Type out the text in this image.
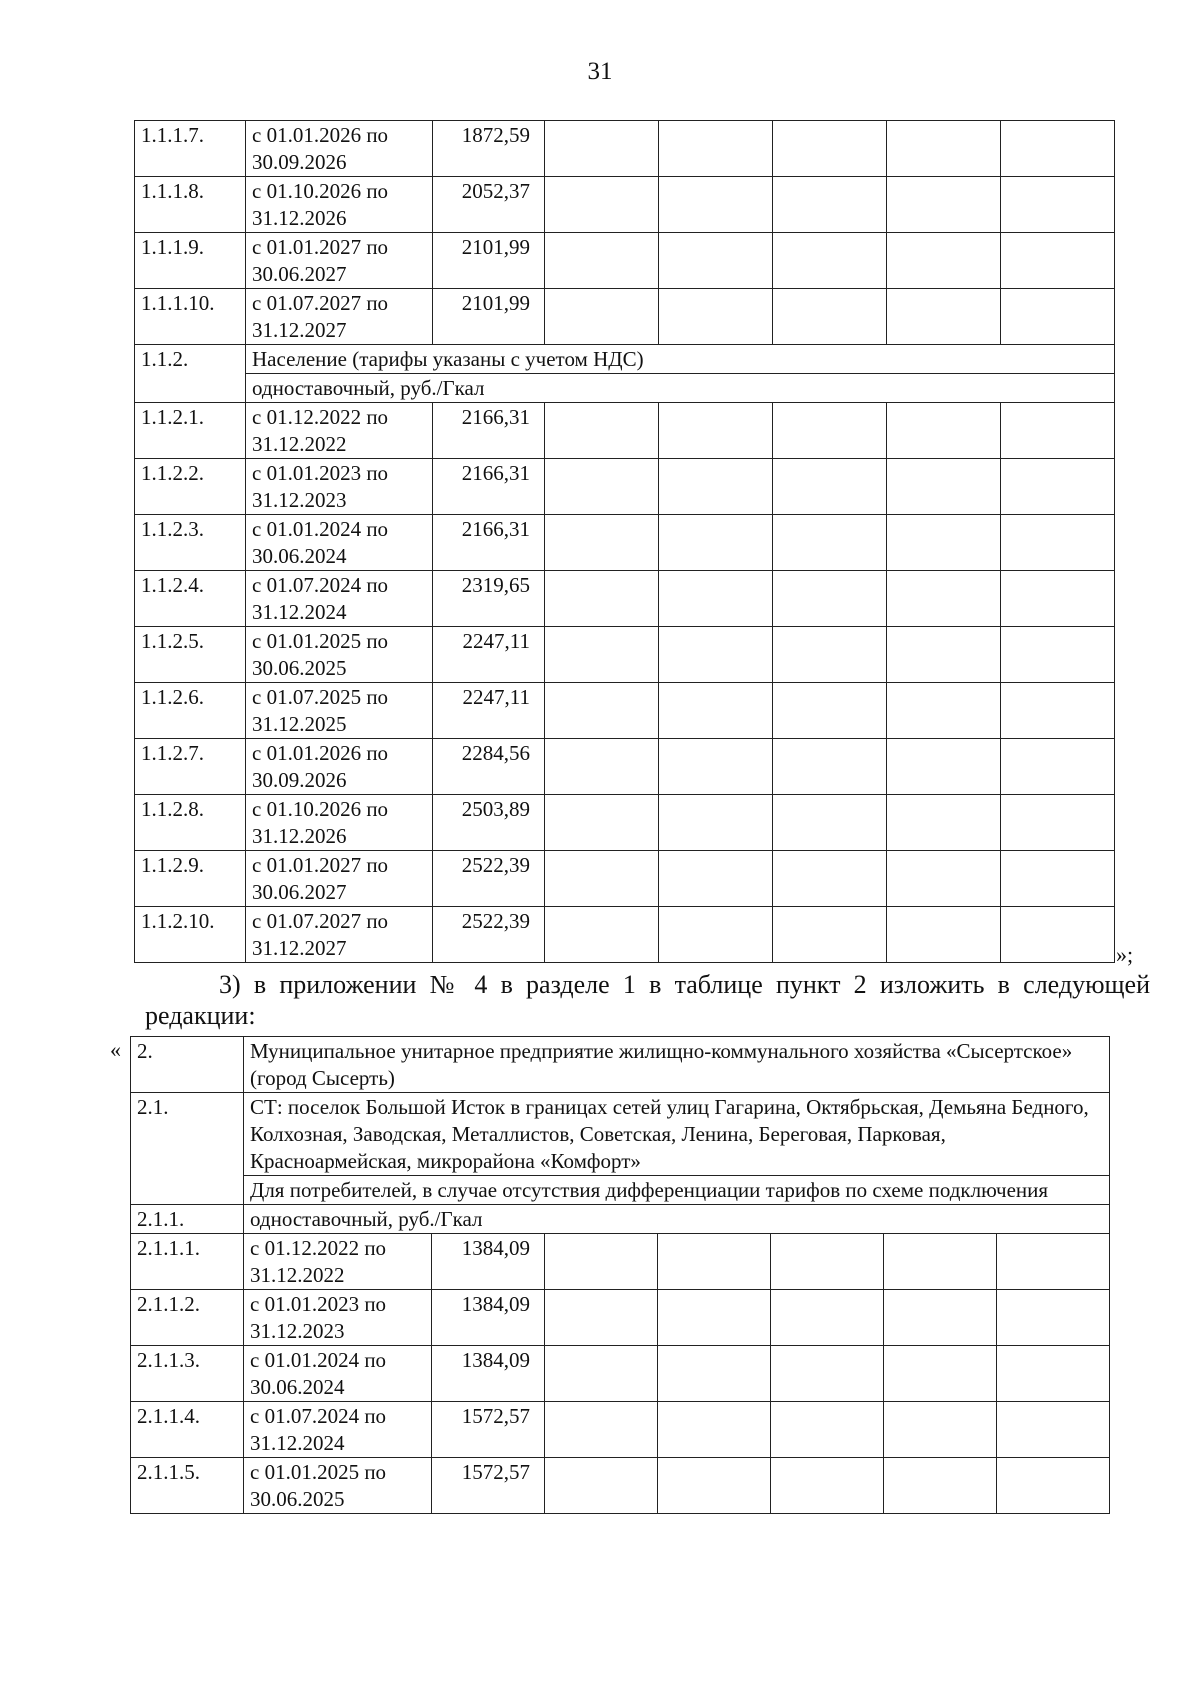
31
1.1.1.7.	с 01.01.2026 по 30.09.2026	1872,59					
1.1.1.8.	с 01.10.2026 по 31.12.2026	2052,37					
1.1.1.9.	с 01.01.2027 по 30.06.2027	2101,99					
1.1.1.10.	с 01.07.2027 по 31.12.2027	2101,99					
1.1.2.	Население (тарифы указаны с учетом НДС)						
	одноставочный, руб./Гкал						
1.1.2.1.	с 01.12.2022 по 31.12.2022	2166,31					
1.1.2.2.	с 01.01.2023 по 31.12.2023	2166,31					
1.1.2.3.	с 01.01.2024 по 30.06.2024	2166,31					
1.1.2.4.	с 01.07.2024 по 31.12.2024	2319,65					
1.1.2.5.	с 01.01.2025 по 30.06.2025	2247,11					
1.1.2.6.	с 01.07.2025 по 31.12.2025	2247,11					
1.1.2.7.	с 01.01.2026 по 30.09.2026	2284,56					
1.1.2.8.	с 01.10.2026 по 31.12.2026	2503,89					
1.1.2.9.	с 01.01.2027 по 30.06.2027	2522,39					
1.1.2.10.	с 01.07.2027 по 31.12.2027	2522,39					
»;
3) в приложении № 4 в разделе 1 в таблице пункт 2 изложить в следующей редакции:
« 2.	Муниципальное унитарное предприятие жилищно-коммунального хозяйства «Сысертское» (город Сысерть)						
2.1.	СТ: поселок Большой Исток в границах сетей улиц Гагарина, Октябрьская, Демьяна Бедного, Колхозная, Заводская, Металлистов, Советская, Ленина, Береговая, Парковая, Красноармейская, микрорайона «Комфорт»						
	Для потребителей, в случае отсутствия дифференциации тарифов по схеме подключения						
2.1.1.	одноставочный, руб./Гкал						
2.1.1.1.	с 01.12.2022 по 31.12.2022	1384,09					
2.1.1.2.	с 01.01.2023 по 31.12.2023	1384,09					
2.1.1.3.	с 01.01.2024 по 30.06.2024	1384,09					
2.1.1.4.	с 01.07.2024 по 31.12.2024	1572,57					
2.1.1.5.	с 01.01.2025 по 30.06.2025	1572,57					
